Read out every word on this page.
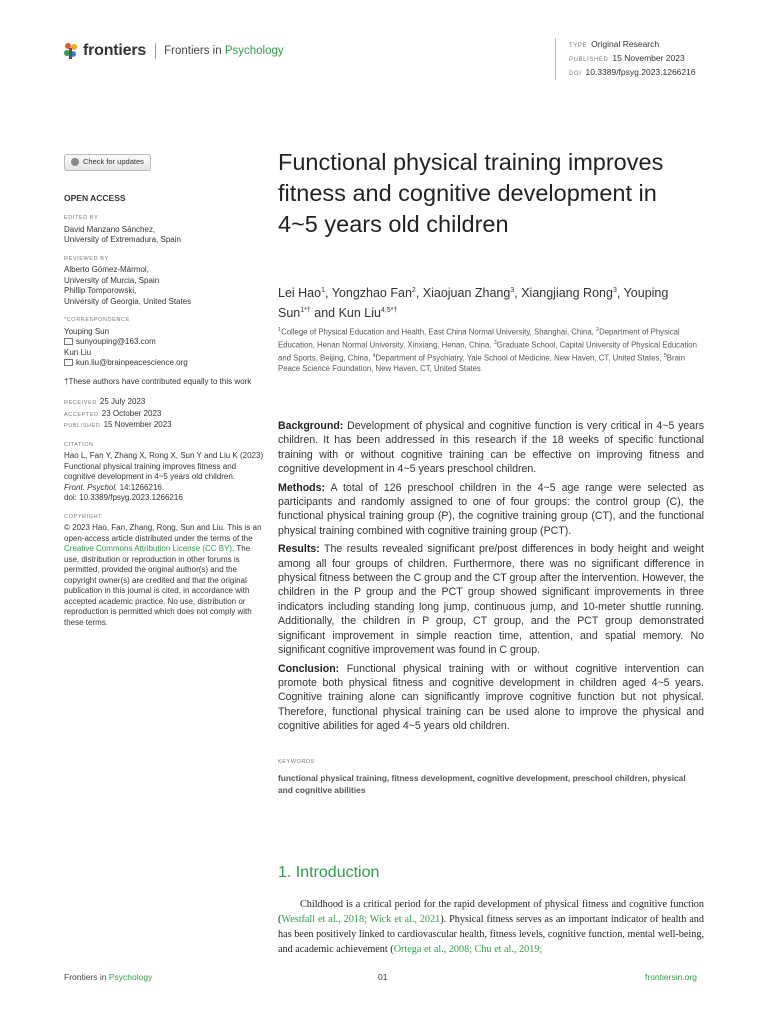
frontiers Frontiers in Psychology	TYPE Original Research
PUBLISHED 15 November 2023
DOI 10.3389/fpsyg.2023.1266216
Check for updates
OPEN ACCESS
EDITED BY
David Manzano Sánchez,
University of Extremadura, Spain
REVIEWED BY
Alberto Gómez-Mármol,
University of Murcia, Spain
Phillip Tomporowski,
University of Georgia, United States
*CORRESPONDENCE
Youping Sun
sunyouping@163.com
Kun Liu
kun.liu@brainpeacescience.org
†These authors have contributed equally to this work
RECEIVED 25 July 2023
ACCEPTED 23 October 2023
PUBLISHED 15 November 2023
CITATION
Hao L, Fan Y, Zhang X, Rong X, Sun Y and Liu K (2023) Functional physical training improves fitness and cognitive development in 4~5 years old children.
Front. Psychol. 14:1266216.
doi: 10.3389/fpsyg.2023.1266216
COPYRIGHT
© 2023 Hao, Fan, Zhang, Rong, Sun and Liu. This is an open-access article distributed under the terms of the Creative Commons Attribution License (CC BY). The use, distribution or reproduction in other forums is permitted, provided the original author(s) and the copyright owner(s) are credited and that the original publication in this journal is cited, in accordance with accepted academic practice. No use, distribution or reproduction is permitted which does not comply with these terms.
Functional physical training improves fitness and cognitive development in 4~5 years old children
Lei Hao$^1$, Yongzhao Fan$^2$, Xiaojuan Zhang$^3$, Xiangjiang Rong$^3$, Youping Sun$^{1*\dagger}$ and Kun Liu$^{4,5*\dagger}$
$^1$College of Physical Education and Health, East China Normal University, Shanghai, China, $^2$Department of Physical Education, Henan Normal University, Xinxiang, Henan, China, $^3$Graduate School, Capital University of Physical Education and Sports, Beijing, China, $^4$Department of Psychiatry, Yale School of Medicine, New Haven, CT, United States, $^5$Brain Peace Science Foundation, New Haven, CT, United States

Background: Development of physical and cognitive function is very critical in 4~5 years children. It has been addressed in this research if the 18 weeks of specific functional training with or without cognitive training can be effective on improving fitness and cognitive development in 4~5 years preschool children.

Methods: A total of 126 preschool children in the 4~5 age range were selected as participants and randomly assigned to one of four groups: the control group (C), the functional physical training group (P), the cognitive training group (CT), and the functional physical training combined with cognitive training group (PCT).

Results: The results revealed significant pre/post differences in body height and weight among all four groups of children. Furthermore, there was no significant difference in physical fitness between the C group and the CT group after the intervention. However, the children in the P group and the PCT group showed significant improvements in three indicators including standing long jump, continuous jump, and 10-meter shuttle running. Additionally, the children in P group, CT group, and the PCT group demonstrated significant improvement in simple reaction time, attention, and spatial memory. No significant cognitive improvement was found in C group.

Conclusion: Functional physical training with or without cognitive intervention can promote both physical fitness and cognitive development in children aged 4~5 years. Cognitive training alone can significantly improve cognitive function but not physical. Therefore, functional physical training can be used alone to improve the physical and cognitive abilities for aged 4~5 years old children.

KEYWORDS
functional physical training, fitness development, cognitive development, preschool children, physical and cognitive abilities
1. Introduction
Childhood is a critical period for the rapid development of physical fitness and cognitive function (Westfall et al., 2018; Wick et al., 2021). Physical fitness serves as an important indicator of health and has been positively linked to cardiovascular health, fitness levels, cognitive function, mental well-being, and academic achievement (Ortega et al., 2008; Chu et al., 2019;
Frontiers in Psychology	01	frontiersin.org
